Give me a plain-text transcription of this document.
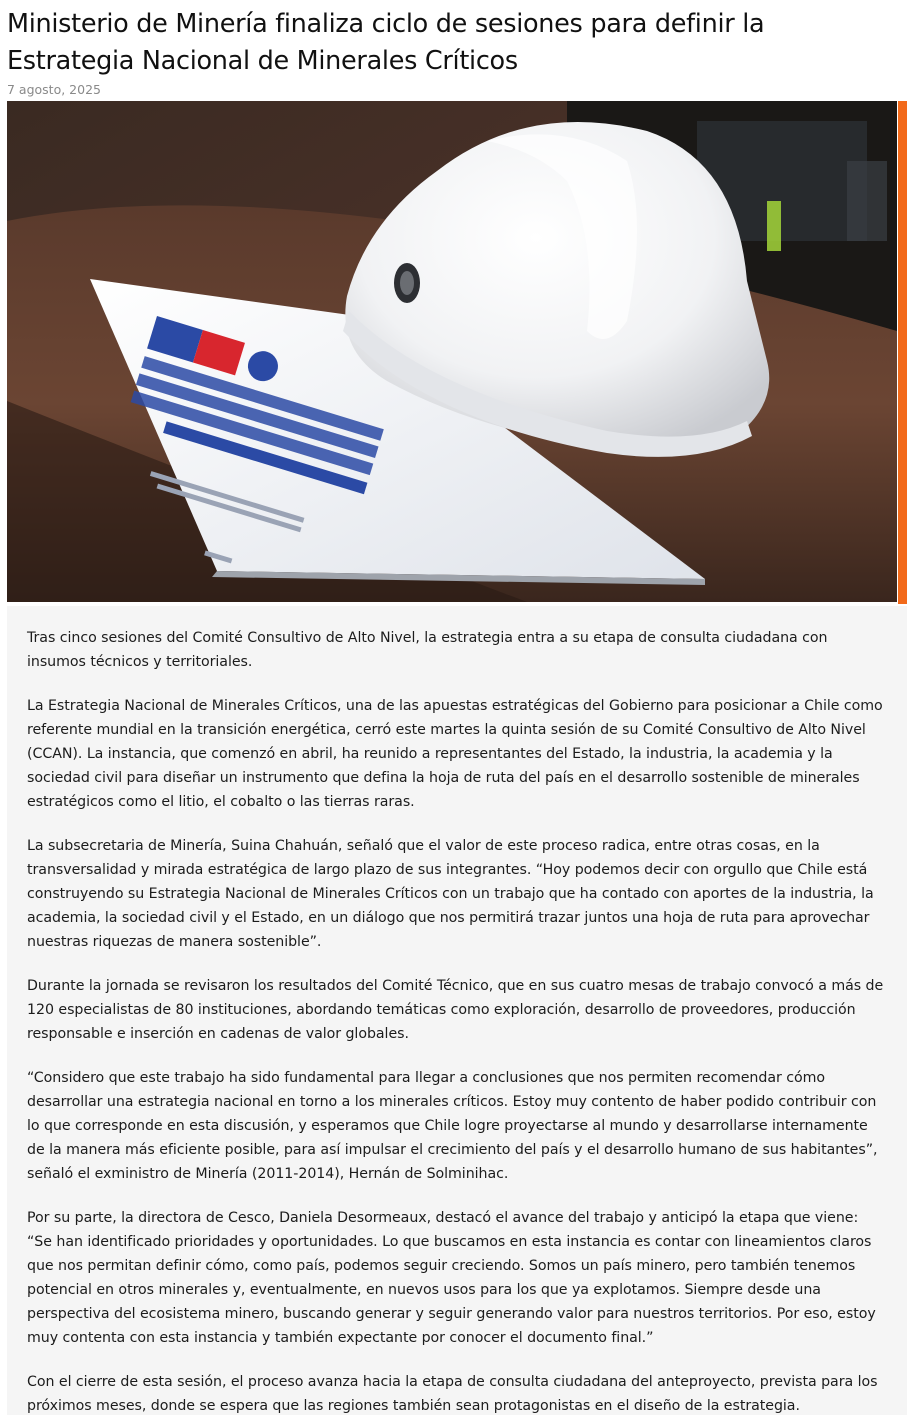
Ministerio de Minería finaliza ciclo de sesiones para definir la Estrategia Nacional de Minerales Críticos
7 agosto, 2025

Tras cinco sesiones del Comité Consultivo de Alto Nivel, la estrategia entra a su etapa de consulta ciudadana con insumos técnicos y territoriales.

La Estrategia Nacional de Minerales Críticos, una de las apuestas estratégicas del Gobierno para posicionar a Chile como referente mundial en la transición energética, cerró este martes la quinta sesión de su Comité Consultivo de Alto Nivel (CCAN). La instancia, que comenzó en abril, ha reunido a representantes del Estado, la industria, la academia y la sociedad civil para diseñar un instrumento que defina la hoja de ruta del país en el desarrollo sostenible de minerales estratégicos como el litio, el cobalto o las tierras raras.

La subsecretaria de Minería, Suina Chahuán, señaló que el valor de este proceso radica, entre otras cosas, en la transversalidad y mirada estratégica de largo plazo de sus integrantes. “Hoy podemos decir con orgullo que Chile está construyendo su Estrategia Nacional de Minerales Críticos con un trabajo que ha contado con aportes de la industria, la academia, la sociedad civil y el Estado, en un diálogo que nos permitirá trazar juntos una hoja de ruta para aprovechar nuestras riquezas de manera sostenible”.

Durante la jornada se revisaron los resultados del Comité Técnico, que en sus cuatro mesas de trabajo convocó a más de 120 especialistas de 80 instituciones, abordando temáticas como exploración, desarrollo de proveedores, producción responsable e inserción en cadenas de valor globales.

“Considero que este trabajo ha sido fundamental para llegar a conclusiones que nos permiten recomendar cómo desarrollar una estrategia nacional en torno a los minerales críticos. Estoy muy contento de haber podido contribuir con lo que corresponde en esta discusión, y esperamos que Chile logre proyectarse al mundo y desarrollarse internamente de la manera más eficiente posible, para así impulsar el crecimiento del país y el desarrollo humano de sus habitantes”, señaló el exministro de Minería (2011-2014), Hernán de Solminihac.

Por su parte, la directora de Cesco, Daniela Desormeaux, destacó el avance del trabajo y anticipó la etapa que viene: “Se han identificado prioridades y oportunidades. Lo que buscamos en esta instancia es contar con lineamientos claros que nos permitan definir cómo, como país, podemos seguir creciendo. Somos un país minero, pero también tenemos potencial en otros minerales y, eventualmente, en nuevos usos para los que ya explotamos. Siempre desde una perspectiva del ecosistema minero, buscando generar y seguir generando valor para nuestros territorios. Por eso, estoy muy contenta con esta instancia y también expectante por conocer el documento final.”

Con el cierre de esta sesión, el proceso avanza hacia la etapa de consulta ciudadana del anteproyecto, prevista para los próximos meses, donde se espera que las regiones también sean protagonistas en el diseño de la estrategia.
